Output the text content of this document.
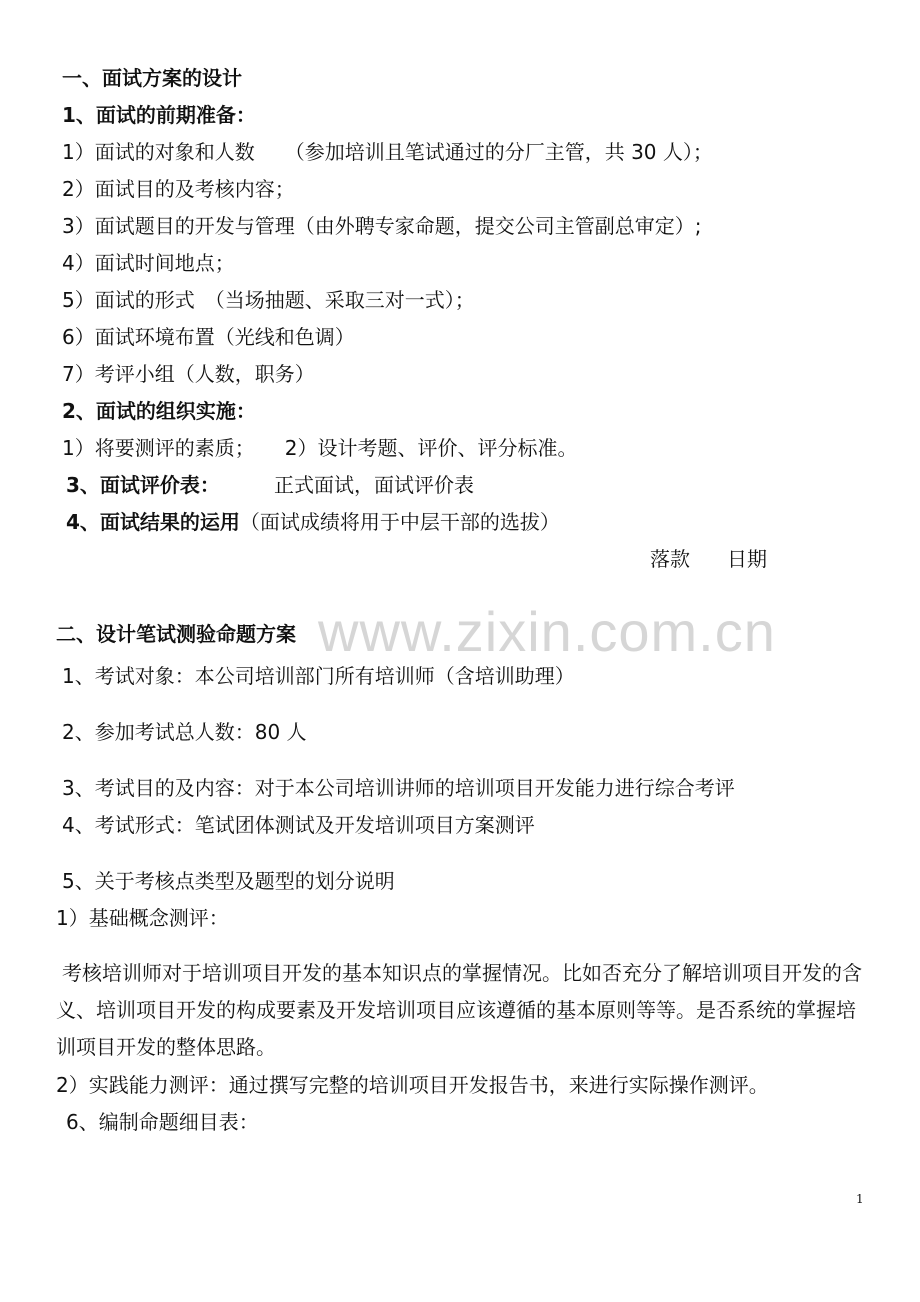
www.zixin.com.cn
一、面试方案的设计
1、面试的前期准备：
1）面试的对象和人数　　（参加培训且笔试通过的分厂主管，共 30 人）；
2）面试目的及考核内容；
3）面试题目的开发与管理（由外聘专家命题，提交公司主管副总审定）;
4）面试时间地点；
5）面试的形式　（当场抽题、采取三对一式）；
6）面试环境布置（光线和色调）
7）考评小组（人数，职务）
2、面试的组织实施：
1）将要测评的素质；　　2）设计考题、评价、评分标准。
3、面试评价表：	正式面试，面试评价表
4、面试结果的运用（面试成绩将用于中层干部的选拔）
落款 日期
二、设计笔试测验命题方案
1、考试对象：本公司培训部门所有培训师（含培训助理）
2、参加考试总人数：80 人
3、考试目的及内容：对于本公司培训讲师的培训项目开发能力进行综合考评
4、考试形式：笔试团体测试及开发培训项目方案测评
5、关于考核点类型及题型的划分说明
1）基础概念测评：
考核培训师对于培训项目开发的基本知识点的掌握情况。比如否充分了解培训项目开发的含义、培训项目开发的构成要素及开发培训项目应该遵循的基本原则等等。是否系统的掌握培训项目开发的整体思路。
2）实践能力测评：通过撰写完整的培训项目开发报告书，来进行实际操作测评。
6、编制命题细目表：
1
